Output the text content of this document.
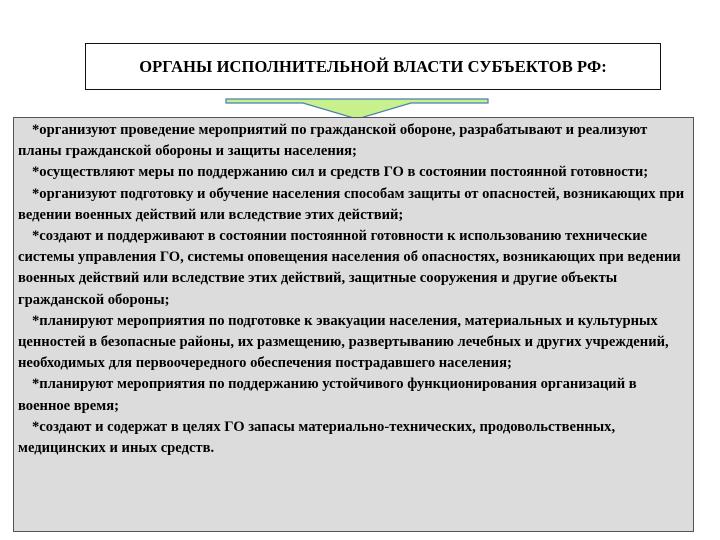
ОРГАНЫ ИСПОЛНИТЕЛЬНОЙ ВЛАСТИ СУБЪЕКТОВ РФ:

*организуют проведение мероприятий по гражданской обороне, разрабатывают и реализуют планы гражданской обороны и защиты населения;

*осуществляют меры по поддержанию сил и средств ГО в состоянии постоянной готовности;

*организуют подготовку и обучение населения способам защиты от опасностей, возникающих при ведении военных действий или вследствие этих действий;

*создают и поддерживают в состоянии постоянной готовности к использованию технические системы управления ГО, системы оповещения населения об опасностях, возникающих при ведении военных действий или вследствие этих действий, защитные сооружения и другие объекты гражданской обороны;

*планируют мероприятия по подготовке к эвакуации населения, материальных и культурных ценностей в безопасные районы, их размещению, развертыванию лечебных и других учреждений, необходимых для первоочередного обеспечения пострадавшего населения;

*планируют мероприятия по поддержанию устойчивого функционирования организаций в военное время;

*создают и содержат в целях ГО запасы материально-технических, продовольственных, медицинских и иных средств.
